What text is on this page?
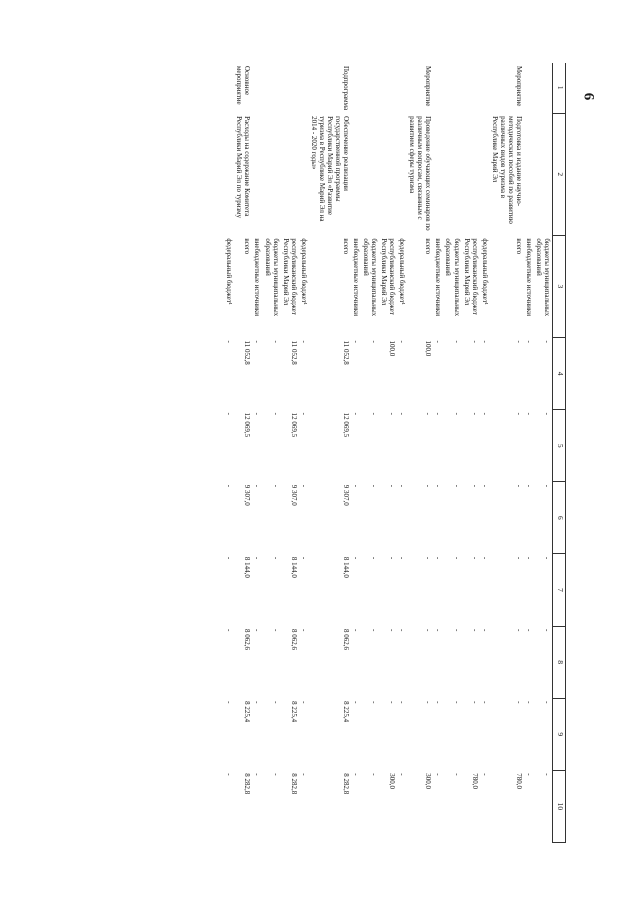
6
1	2	3	4	5	6	7	8	9	10
		бюджеты муниципальных образований	-	-	-	-	-	-	-
		внебюджетные источники	-	-	-	-	-	-	-
Мероприятие	Подготовка и издание научно-методических пособий по развитию различных видов туризма в Республике Марий Эл	всего	-	-	-	-	-	-	780,0
		федеральный бюджет¹	-	-	-	-	-	-	-
		республиканский бюджет Республики Марий Эл	-	-	-	-	-	-	780,0
		бюджеты муниципальных образований	-	-	-	-	-	-	-
		внебюджетные источники	-	-	-	-	-	-	-
Мероприятие	Проведение обучающих семинаров по различным вопросам, связанным с развитием сферы туризма	всего	100,0	-	-	-	-	-	300,0
		федеральный бюджет¹	-	-	-	-	-	-	-
		республиканский бюджет Республики Марий Эл	100,0	-	-	-	-	-	300,0
		бюджеты муниципальных образований	-	-	-	-	-	-	-
		внебюджетные источники	-	-	-	-	-	-	-
Подпрограмма	Обеспечение реализации государственной программы Республики Марий Эл «Развитие туризма в Республике Марий Эл на 2014 - 2020 годы»	всего	11 052,8	12 069,5	9 307,0	8 144,0	8 062,6	8 225,4	8 282,8
		федеральный бюджет¹	-	-	-	-	-	-	-
		республиканский бюджет Республики Марий Эл	11 052,8	12 069,5	9 307,0	8 144,0	8 062,6	8 225,4	8 282,8
		бюджеты муниципальных образований	-	-	-	-	-	-	-
		внебюджетные источники	-	-	-	-	-	-	-
Основное мероприятие	Расходы на содержание Комитета Республики Марий Эл по туризму	всего	11 052,8	12 069,5	9 307,0	8 144,0	8 062,6	8 225,4	8 282,8
		федеральный бюджет¹	-	-	-	-	-	-	-
